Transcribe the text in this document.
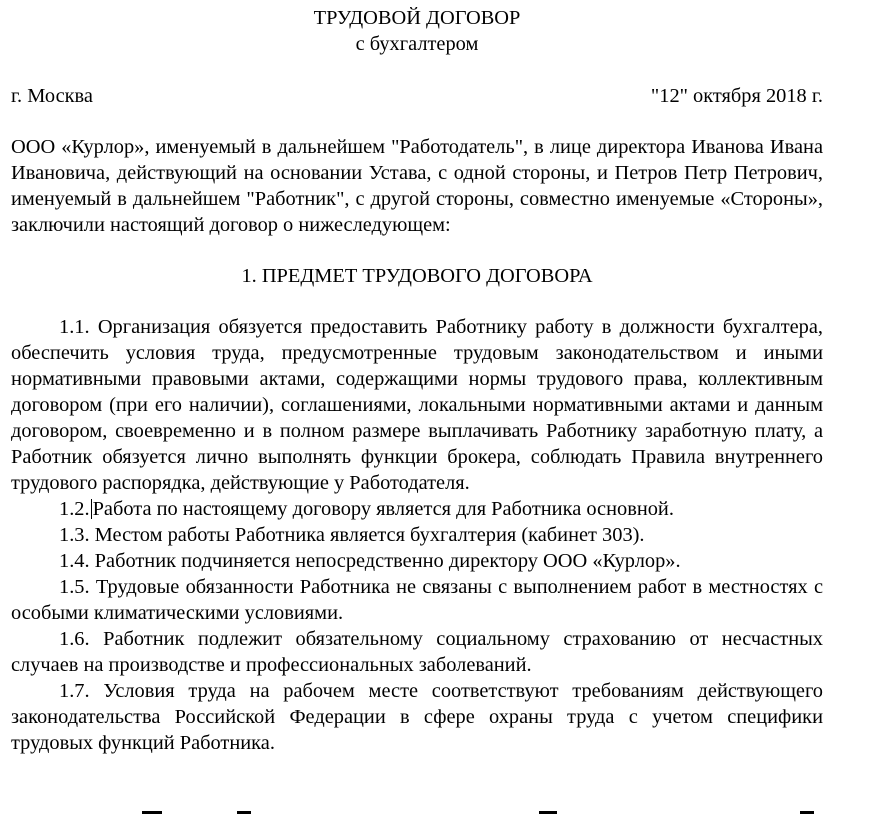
ТРУДОВОЙ ДОГОВОР
с бухгалтером
г. Москва	"12" октября 2018 г.
ООО «Курлор», именуемый в дальнейшем "Работодатель", в лице директора Иванова Ивана Ивановича, действующий на основании Устава, с одной стороны, и Петров Петр Петрович, именуемый в дальнейшем "Работник", с другой стороны, совместно именуемые «Стороны», заключили настоящий договор о нижеследующем:
1. ПРЕДМЕТ ТРУДОВОГО ДОГОВОРА

1.1. Организация обязуется предоставить Работнику работу в должности бухгалтера, обеспечить условия труда, предусмотренные трудовым законодательством и иными нормативными правовыми актами, содержащими нормы трудового права, коллективным договором (при его наличии), соглашениями, локальными нормативными актами и данным договором, своевременно и в полном размере выплачивать Работнику заработную плату, а Работник обязуется лично выполнять функции брокера, соблюдать Правила внутреннего трудового распорядка, действующие у Работодателя.

1.2. Работа по настоящему договору является для Работника основной.

1.3. Местом работы Работника является бухгалтерия (кабинет 303).

1.4. Работник подчиняется непосредственно директору ООО «Курлор».

1.5. Трудовые обязанности Работника не связаны с выполнением работ в местностях с особыми климатическими условиями.

1.6. Работник подлежит обязательному социальному страхованию от несчастных случаев на производстве и профессиональных заболеваний.

1.7. Условия труда на рабочем месте соответствуют требованиям действующего законодательства Российской Федерации в сфере охраны труда с учетом специфики трудовых функций Работника.
